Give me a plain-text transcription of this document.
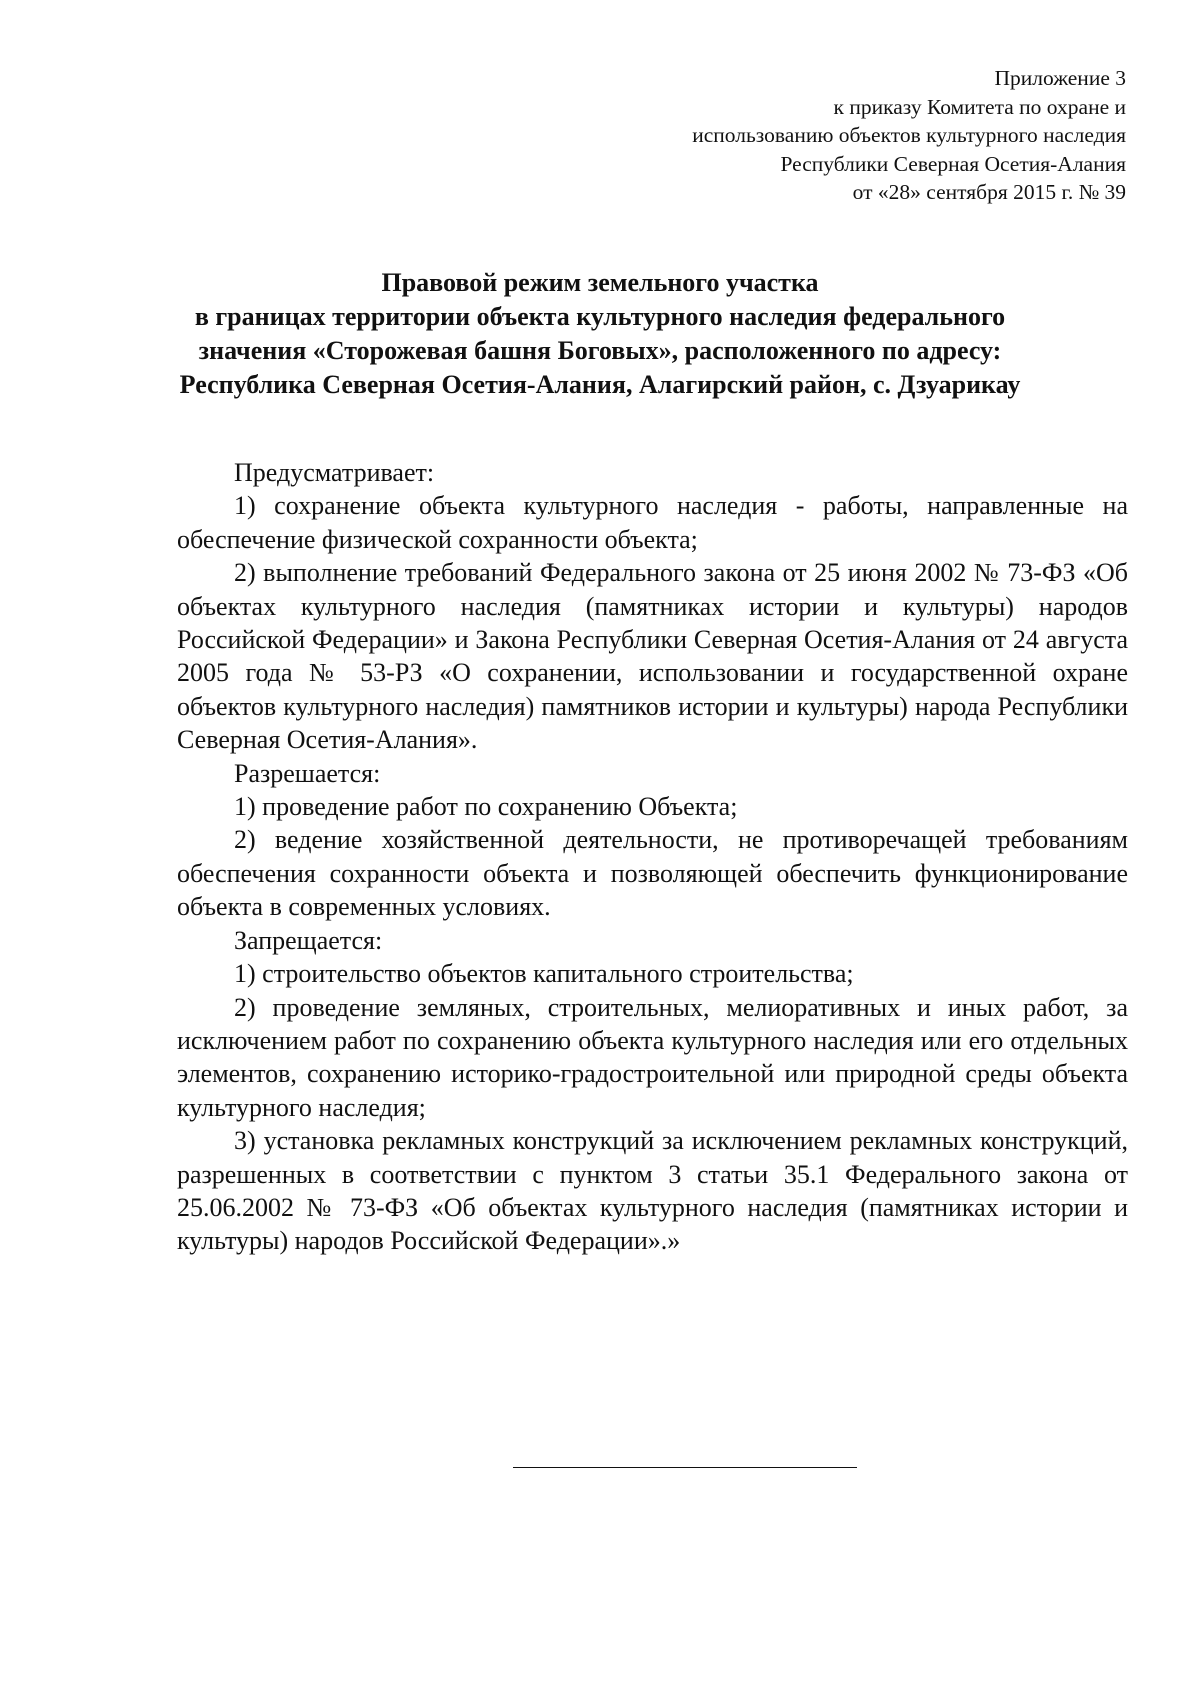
Приложение 3
к приказу Комитета по охране и
использованию объектов культурного наследия
Республики Северная Осетия-Алания
от «28» сентября 2015 г. № 39
Правовой режим земельного участка
в границах территории объекта культурного наследия федерального
значения «Сторожевая башня Боговых», расположенного по адресу:
Республика Северная Осетия-Алания, Алагирский район, с. Дзуарикау

Предусматривает:

1) сохранение объекта культурного наследия - работы, направленные на обеспечение физической сохранности объекта;

2) выполнение требований Федерального закона от 25 июня 2002 № 73-ФЗ «Об объектах культурного наследия (памятниках истории и культуры) народов Российской Федерации» и Закона Республики Северная Осетия-Алания от 24 августа 2005 года № 53-РЗ «О сохранении, использовании и государственной охране объектов культурного наследия) памятников истории и культуры) народа Республики Северная Осетия-Алания».

Разрешается:

1) проведение работ по сохранению Объекта;

2) ведение хозяйственной деятельности, не противоречащей требованиям обеспечения сохранности объекта и позволяющей обеспечить функционирование объекта в современных условиях.

Запрещается:

1) строительство объектов капитального строительства;

2) проведение земляных, строительных, мелиоративных и иных работ, за исключением работ по сохранению объекта культурного наследия или его отдельных элементов, сохранению историко-градостроительной или природной среды объекта культурного наследия;

3) установка рекламных конструкций за исключением рекламных конструкций, разрешенных в соответствии с пунктом 3 статьи 35.1 Федерального закона от 25.06.2002 № 73-ФЗ «Об объектах культурного наследия (памятниках истории и культуры) народов Российской Федерации».»
